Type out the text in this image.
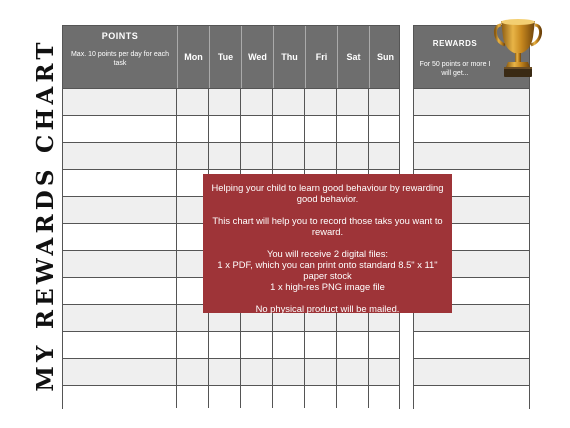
MY REWARDS CHART
POINTS
Max. 10 points per day for each task
Mon	Tue	Wed	Thu	Fri	Sat	Sun
REWARDS
For 50 points or more I will get...

Helping your child to learn good behaviour by rewarding good behavior.

This chart will help you to record those taks you want to reward.

You will receive 2 digital files:

1 x PDF, which you can print onto standard 8.5" x 11" paper stock

1 x high-res PNG image file

No physical product will be mailed.
